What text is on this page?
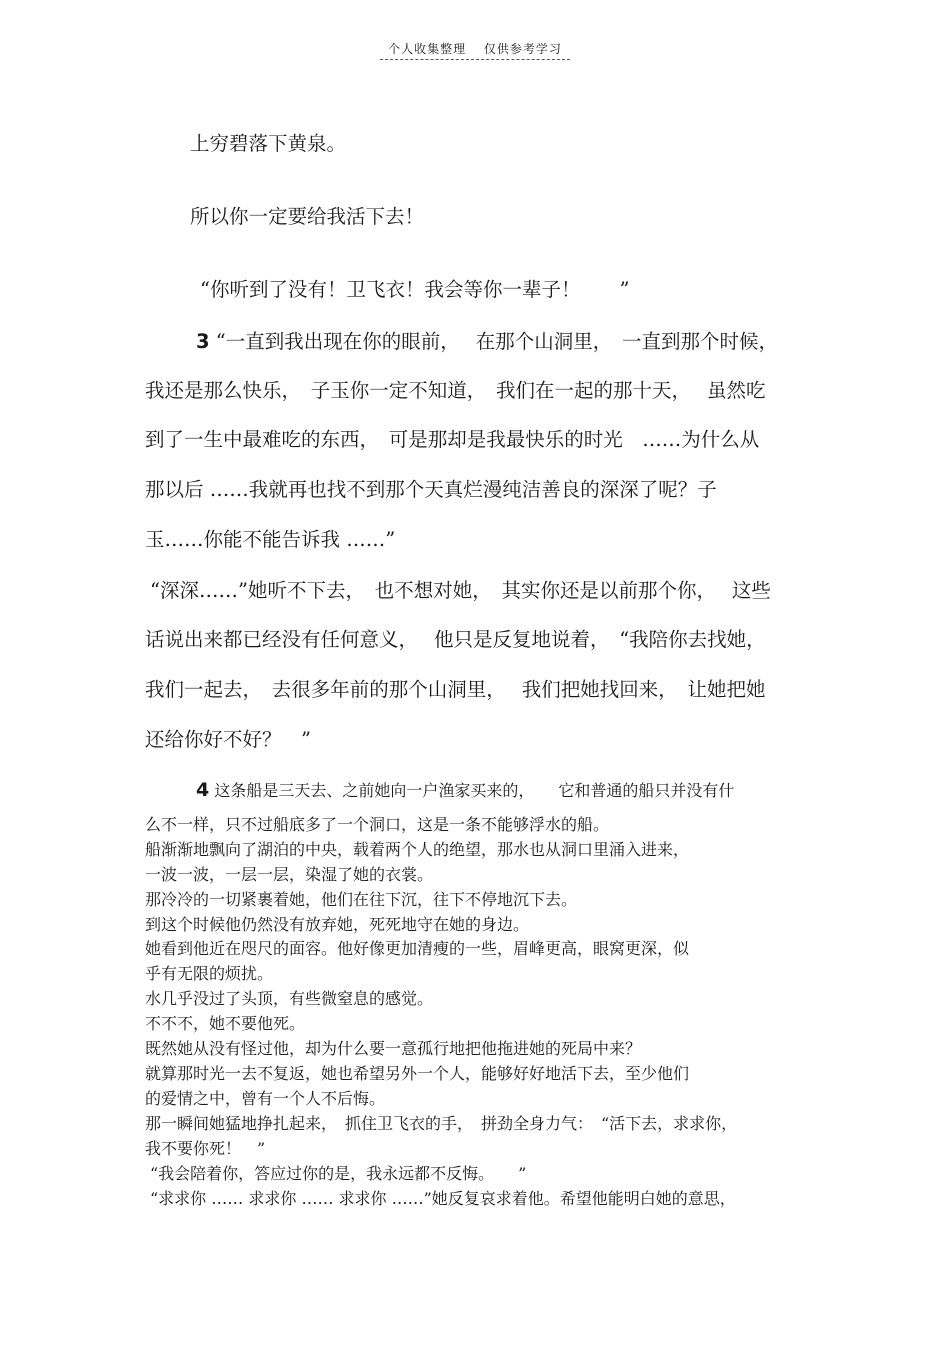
个人收集整理　 仅供参考学习
上穷碧落下黄泉。
所以你一定要给我活下去！
“你听到了没有！卫飞衣！我会等你一辈子！　　”
3 “一直到我出现在你的眼前，　 在那个山洞里，　一直到那个时候，
我还是那么快乐，　子玉你一定不知道，　我们在一起的那十天，　 虽然吃
到了一生中最难吃的东西，　可是那却是我最快乐的时光　……为什么从
那以后 ……我就再也找不到那个天真烂漫纯洁善良的深深了呢？子
玉……你能不能告诉我 ……”
“深深……”她听不下去，　也不想对她，　其实你还是以前那个你，　 这些
话说出来都已经没有任何意义，　 他只是反复地说着，　“我陪你去找她，
我们一起去，　去很多年前的那个山洞里，　 我们把她找回来，　让她把她
还给你好不好？　”
4 这条船是三天去、之前她向一户渔家买来的，　　它和普通的船只并没有什
么不一样，只不过船底多了一个洞口，这是一条不能够浮水的船。
船渐渐地飘向了湖泊的中央，载着两个人的绝望，那水也从洞口里涌入进来，
一波一波，一层一层，染湿了她的衣裳。
那冷冷的一切紧裹着她，他们在往下沉，往下不停地沉下去。
到这个时候他仍然没有放弃她，死死地守在她的身边。
她看到他近在咫尺的面容。他好像更加清瘦的一些，眉峰更高，眼窝更深，似
乎有无限的烦扰。
水几乎没过了头顶，有些微窒息的感觉。
不不不，她不要他死。
既然她从没有怪过他，却为什么要一意孤行地把他拖进她的死局中来？
就算那时光一去不复返，她也希望另外一个人，能够好好地活下去，至少他们
的爱情之中，曾有一个人不后悔。
那一瞬间她猛地挣扎起来，　抓住卫飞衣的手，　拼劲全身力气：　“活下去，求求你，
我不要你死！　”
“我会陪着你，答应过你的是，我永远都不反悔。　　”
“求求你 …… 求求你 …… 求求你 ……”她反复哀求着他。希望他能明白她的意思，
